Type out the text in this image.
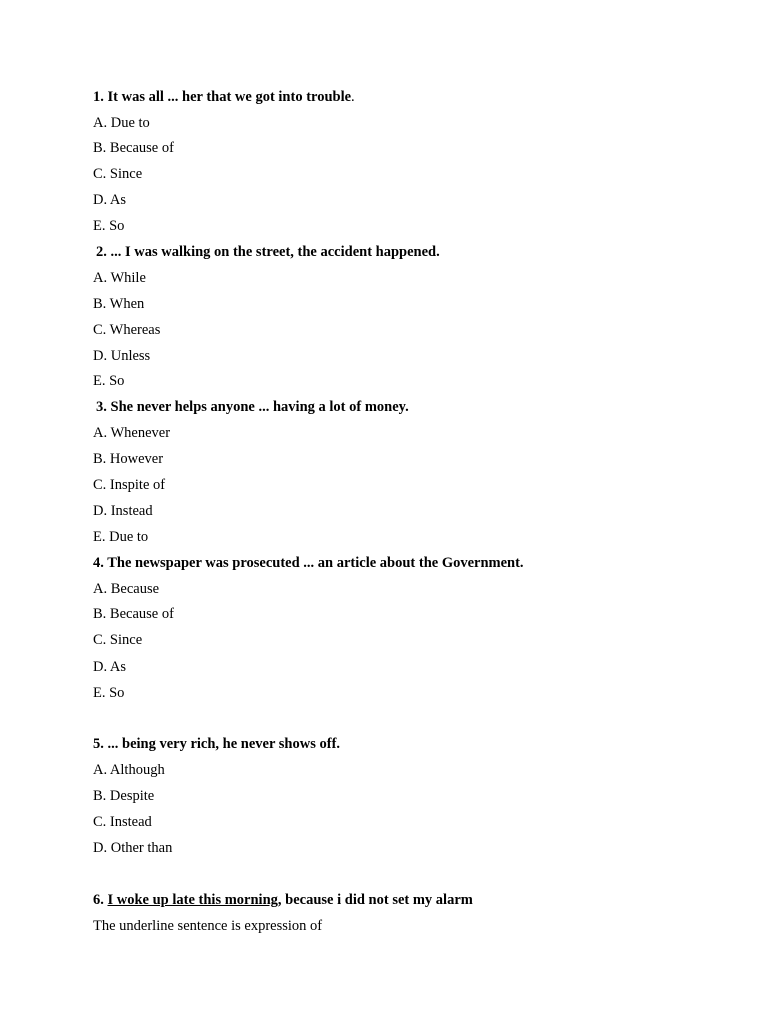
1. It was all ... her that we got into trouble.
A. Due to
B. Because of
C. Since
D. As
E. So
2. ... I was walking on the street, the accident happened.
A. While
B. When
C. Whereas
D. Unless
E. So
3. She never helps anyone ... having a lot of money.
A. Whenever
B. However
C. Inspite of
D. Instead
E. Due to
4. The newspaper was prosecuted ... an article about the Government.
A. Because
B. Because of
C. Since
D. As
E. So
5. ... being very rich, he never shows off.
A. Although
B. Despite
C. Instead
D. Other than
6. I woke up late this morning, because i did not set my alarm
The underline sentence is expression of
